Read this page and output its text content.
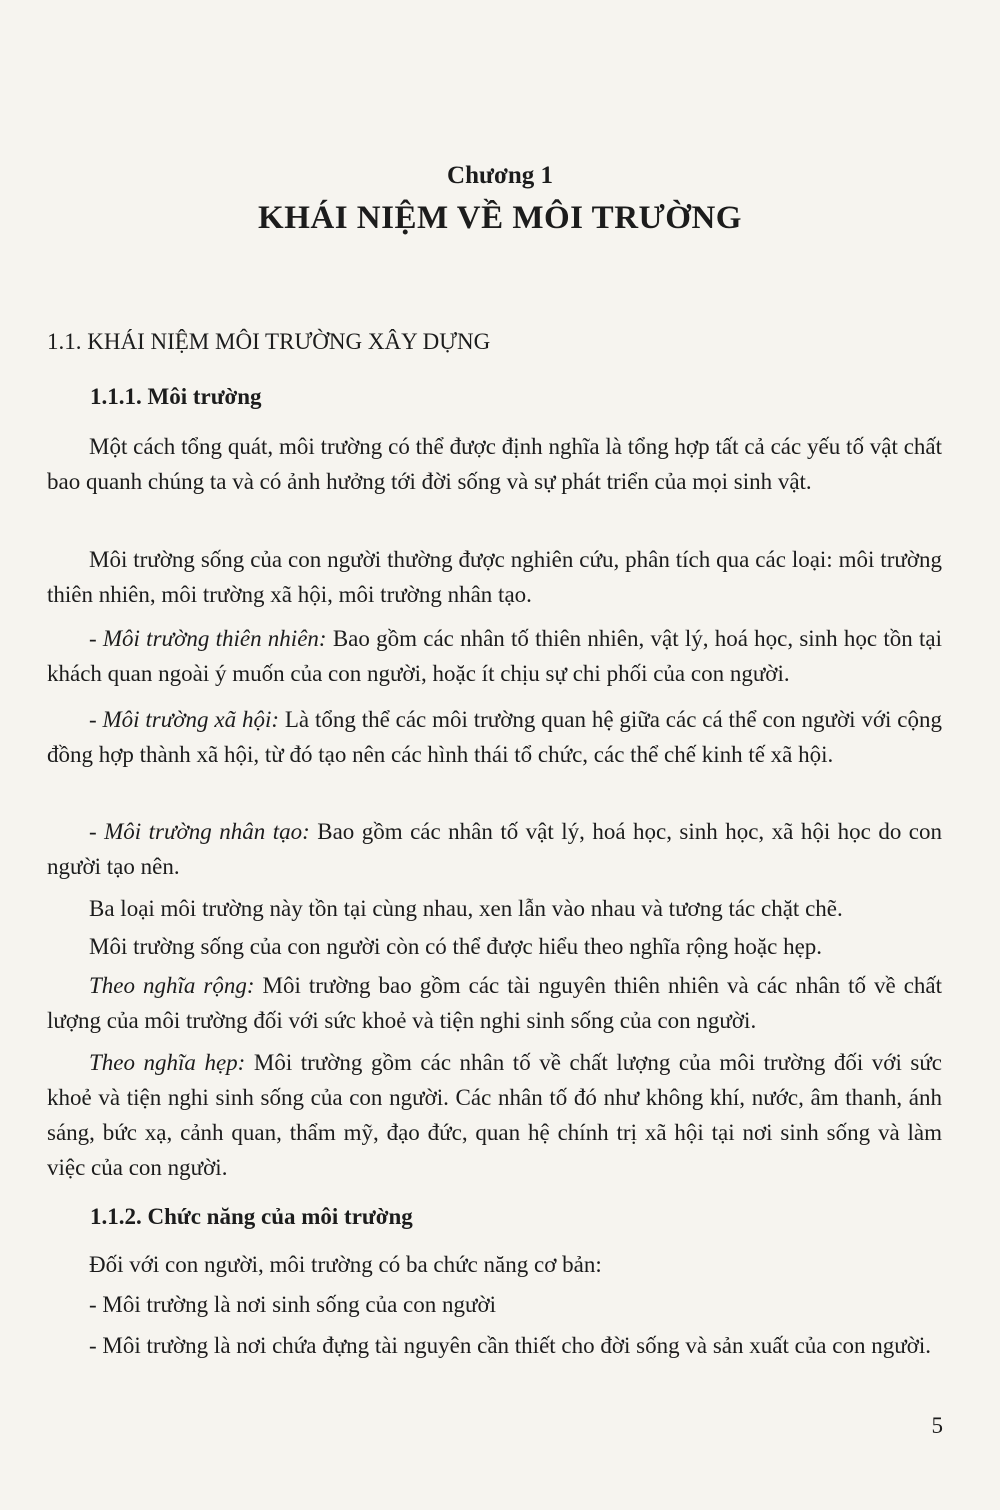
Chương 1
KHÁI NIỆM VỀ MÔI TRƯỜNG
1.1. KHÁI NIỆM MÔI TRƯỜNG XÂY DỰNG
1.1.1. Môi trường

Một cách tổng quát, môi trường có thể được định nghĩa là tổng hợp tất cả các yếu tố vật chất bao quanh chúng ta và có ảnh hưởng tới đời sống và sự phát triển của mọi sinh vật.

Môi trường sống của con người thường được nghiên cứu, phân tích qua các loại: môi trường thiên nhiên, môi trường xã hội, môi trường nhân tạo.

- Môi trường thiên nhiên: Bao gồm các nhân tố thiên nhiên, vật lý, hoá học, sinh học tồn tại khách quan ngoài ý muốn của con người, hoặc ít chịu sự chi phối của con người.

- Môi trường xã hội: Là tổng thể các môi trường quan hệ giữa các cá thể con người với cộng đồng hợp thành xã hội, từ đó tạo nên các hình thái tổ chức, các thể chế kinh tế xã hội.

- Môi trường nhân tạo: Bao gồm các nhân tố vật lý, hoá học, sinh học, xã hội học do con người tạo nên.

Ba loại môi trường này tồn tại cùng nhau, xen lẫn vào nhau và tương tác chặt chẽ.

Môi trường sống của con người còn có thể được hiểu theo nghĩa rộng hoặc hẹp.

Theo nghĩa rộng: Môi trường bao gồm các tài nguyên thiên nhiên và các nhân tố về chất lượng của môi trường đối với sức khoẻ và tiện nghi sinh sống của con người.

Theo nghĩa hẹp: Môi trường gồm các nhân tố về chất lượng của môi trường đối với sức khoẻ và tiện nghi sinh sống của con người. Các nhân tố đó như không khí, nước, âm thanh, ánh sáng, bức xạ, cảnh quan, thẩm mỹ, đạo đức, quan hệ chính trị xã hội tại nơi sinh sống và làm việc của con người.

1.1.2. Chức năng của môi trường
Đối với con người, môi trường có ba chức năng cơ bản:
- Môi trường là nơi sinh sống của con người

- Môi trường là nơi chứa đựng tài nguyên cần thiết cho đời sống và sản xuất của con người.

5
